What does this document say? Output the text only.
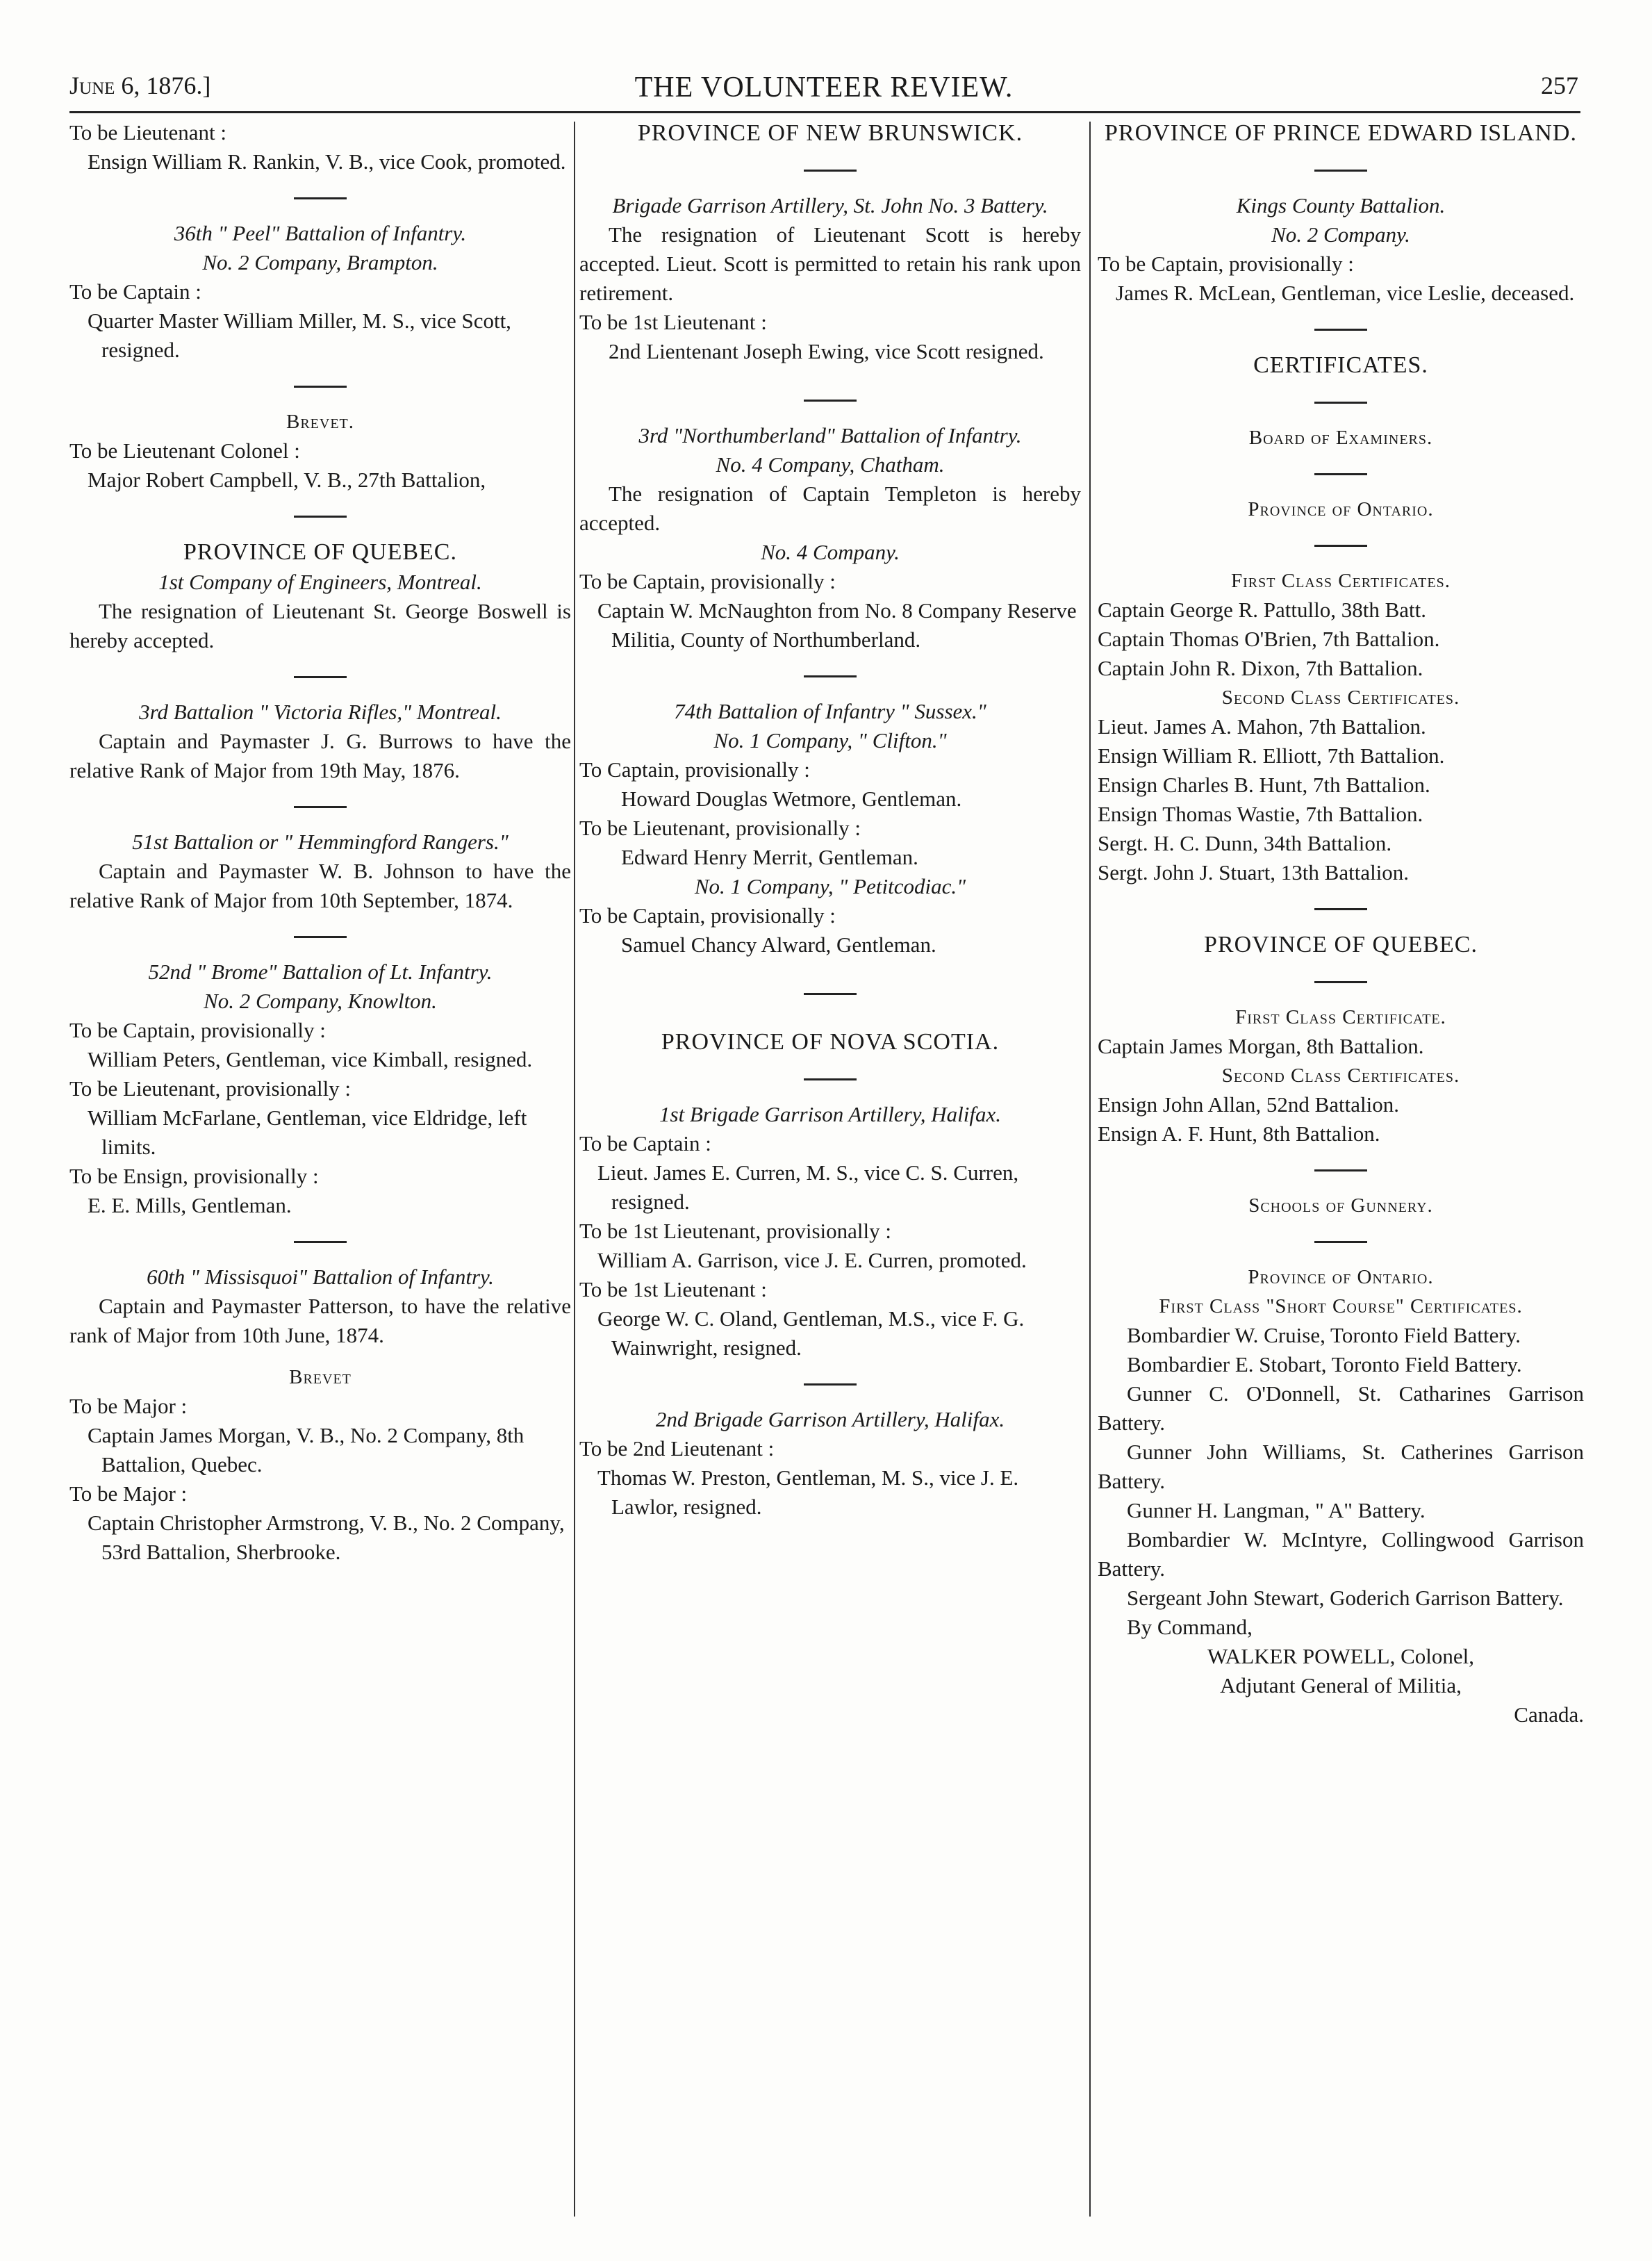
June 6, 1876.]	THE VOLUNTEER REVIEW.	257
To be Lieutenant :
Ensign William R. Rankin, V. B., vice Cook, promoted.
36th " Peel" Battalion of Infantry.
No. 2 Company, Brampton.
To be Captain :
Quarter Master William Miller, M. S., vice Scott, resigned.
Brevet.
To be Lieutenant Colonel :
Major Robert Campbell, V. B., 27th Battalion,
PROVINCE OF QUEBEC.
1st Company of Engineers, Montreal.
The resignation of Lieutenant St. George Boswell is hereby accepted.
3rd Battalion " Victoria Rifles," Montreal.
Captain and Paymaster J. G. Burrows to have the relative Rank of Major from 19th May, 1876.
51st Battalion or " Hemmingford Rangers."
Captain and Paymaster W. B. Johnson to have the relative Rank of Major from 10th September, 1874.
52nd " Brome" Battalion of Lt. Infantry.
No. 2 Company, Knowlton.
To be Captain, provisionally :
William Peters, Gentleman, vice Kimball, resigned.
To be Lieutenant, provisionally :
William McFarlane, Gentleman, vice Eldridge, left limits.
To be Ensign, provisionally :
E. E. Mills, Gentleman.
60th " Missisquoi" Battalion of Infantry.
Captain and Paymaster Patterson, to have the relative rank of Major from 10th June, 1874.
Brevet
To be Major :
Captain James Morgan, V. B., No. 2 Company, 8th Battalion, Quebec.
To be Major :
Captain Christopher Armstrong, V. B., No. 2 Company, 53rd Battalion, Sherbrooke.
PROVINCE OF NEW BRUNSWICK.
Brigade Garrison Artillery, St. John No. 3 Battery.
The resignation of Lieutenant Scott is hereby accepted. Lieut. Scott is permitted to retain his rank upon retirement.
To be 1st Lieutenant :
2nd Lientenant Joseph Ewing, vice Scott resigned.
3rd "Northumberland" Battalion of Infantry.
No. 4 Company, Chatham.
The resignation of Captain Templeton is hereby accepted.
No. 4 Company.
To be Captain, provisionally :
Captain W. McNaughton from No. 8 Company Reserve Militia, County of Northumberland.
74th Battalion of Infantry " Sussex."
No. 1 Company, " Clifton."
To Captain, provisionally :
Howard Douglas Wetmore, Gentleman.
To be Lieutenant, provisionally :
Edward Henry Merrit, Gentleman.
No. 1 Company, " Petitcodiac."
To be Captain, provisionally :
Samuel Chancy Alward, Gentleman.
PROVINCE OF NOVA SCOTIA.
1st Brigade Garrison Artillery, Halifax.
To be Captain :
Lieut. James E. Curren, M. S., vice C. S. Curren, resigned.
To be 1st Lieutenant, provisionally :
William A. Garrison, vice J. E. Curren, promoted.
To be 1st Lieutenant :
George W. C. Oland, Gentleman, M.S., vice F. G. Wainwright, resigned.
2nd Brigade Garrison Artillery, Halifax.
To be 2nd Lieutenant :
Thomas W. Preston, Gentleman, M. S., vice J. E. Lawlor, resigned.
PROVINCE OF PRINCE EDWARD ISLAND.
Kings County Battalion.
No. 2 Company.
To be Captain, provisionally :
James R. McLean, Gentleman, vice Leslie, deceased.
CERTIFICATES.
Board of Examiners.
Province of Ontario.
First Class Certificates.
Captain George R. Pattullo, 38th Batt.
Captain Thomas O'Brien, 7th Battalion.
Captain John R. Dixon, 7th Battalion.
Second Class Certificates.
Lieut. James A. Mahon, 7th Battalion.
Ensign William R. Elliott, 7th Battalion.
Ensign Charles B. Hunt, 7th Battalion.
Ensign Thomas Wastie, 7th Battalion.
Sergt. H. C. Dunn, 34th Battalion.
Sergt. John J. Stuart, 13th Battalion.
PROVINCE OF QUEBEC.
First Class Certificate.
Captain James Morgan, 8th Battalion.
Second Class Certificates.
Ensign John Allan, 52nd Battalion.
Ensign A. F. Hunt, 8th Battalion.
Schools of Gunnery.
Province of Ontario.
First Class "Short Course" Certificates.
Bombardier W. Cruise, Toronto Field Battery.
Bombardier E. Stobart, Toronto Field Battery.
Gunner C. O'Donnell, St. Catharines Garrison Battery.
Gunner John Williams, St. Catherines Garrison Battery.
Gunner H. Langman, " A" Battery.
Bombardier W. McIntyre, Collingwood Garrison Battery.
Sergeant John Stewart, Goderich Garrison Battery.
By Command,
WALKER POWELL, Colonel,
Adjutant General of Militia,
Canada.
